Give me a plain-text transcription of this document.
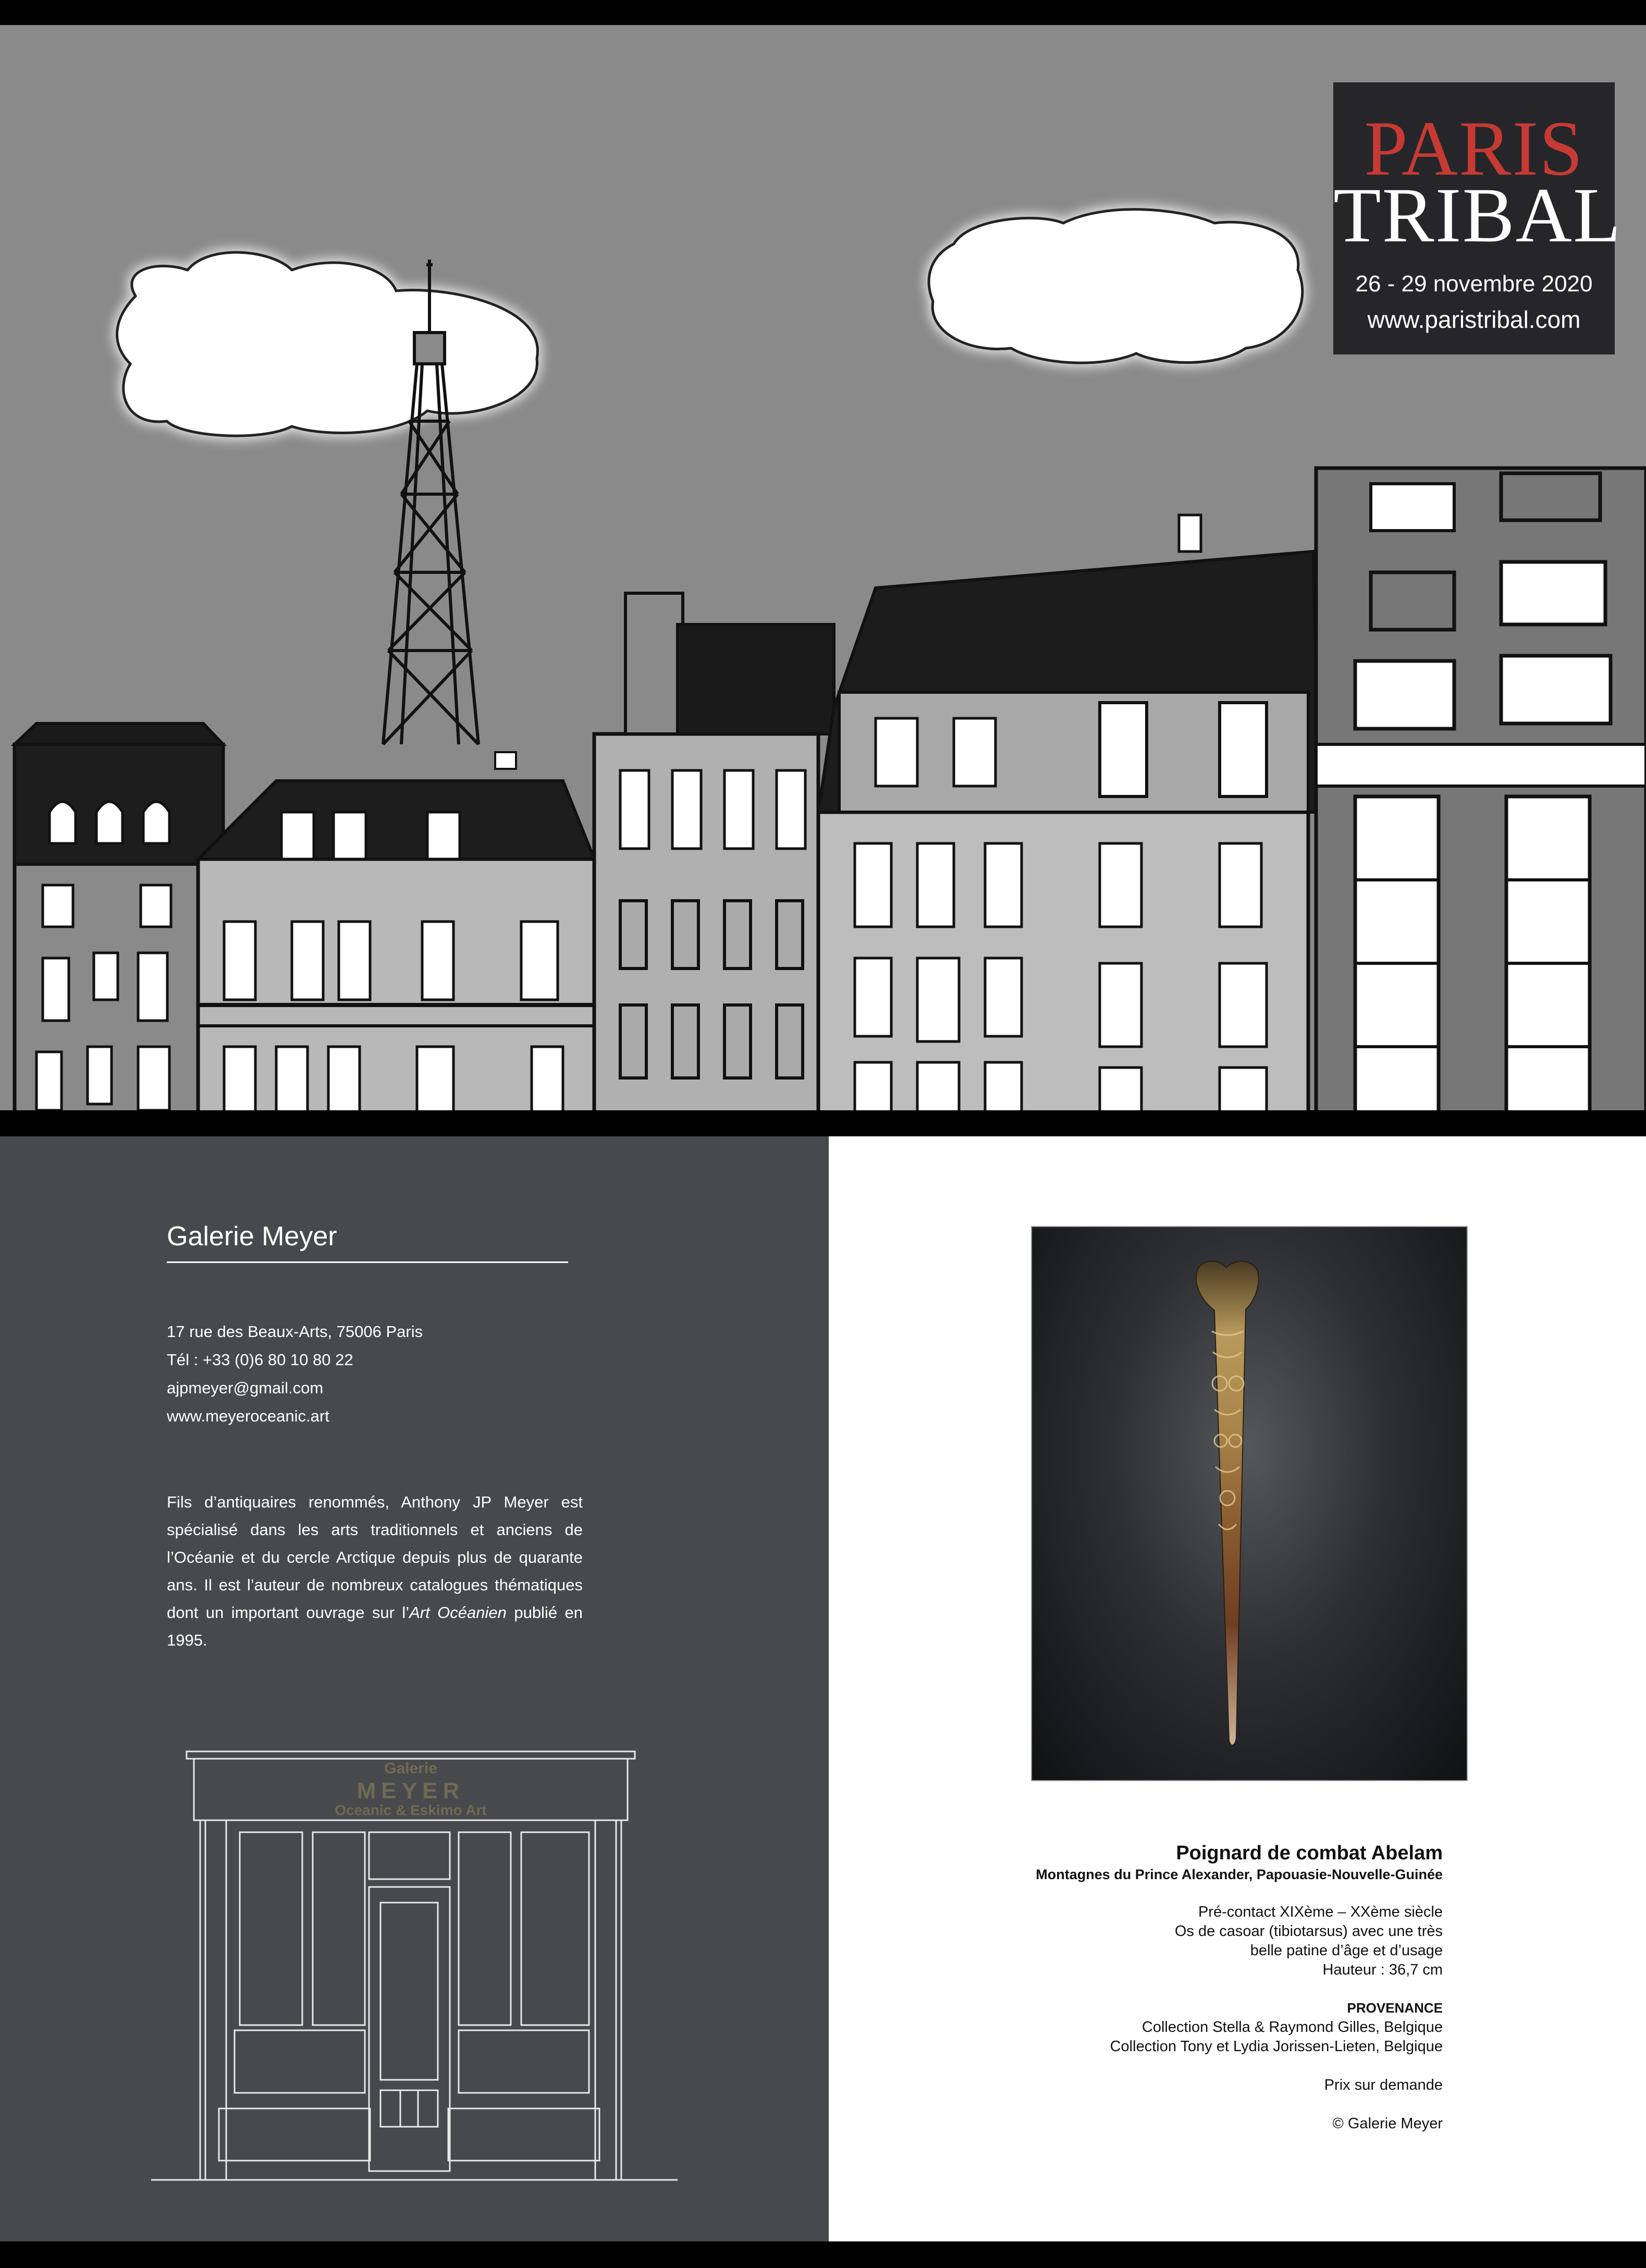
PARIS
TRIBAL
26 - 29 novembre 2020
www.paristribal.com
Galerie Meyer
17 rue des Beaux-Arts, 75006 Paris
Tél : +33 (0)6 80 10 80 22
ajpmeyer@gmail.com
www.meyeroceanic.art
Fils d’antiquaires renommés, Anthony JP Meyer est spécialisé dans les arts traditionnels et anciens de l’Océanie et du cercle Arctique depuis plus de quarante ans. Il est l’auteur de nombreux catalogues thématiques dont un important ouvrage sur l’Art Océanien publié en 1995.
Galerie
MEYER
Oceanic & Eskimo Art
Poignard de combat Abelam
Montagnes du Prince Alexander, Papouasie-Nouvelle-Guinée
Pré-contact XIXème – XXème siècle
Os de casoar (tibiotarsus) avec une très
belle patine d’âge et d’usage
Hauteur : 36,7 cm
PROVENANCE
Collection Stella & Raymond Gilles, Belgique
Collection Tony et Lydia Jorissen-Lieten, Belgique
Prix sur demande
© Galerie Meyer
